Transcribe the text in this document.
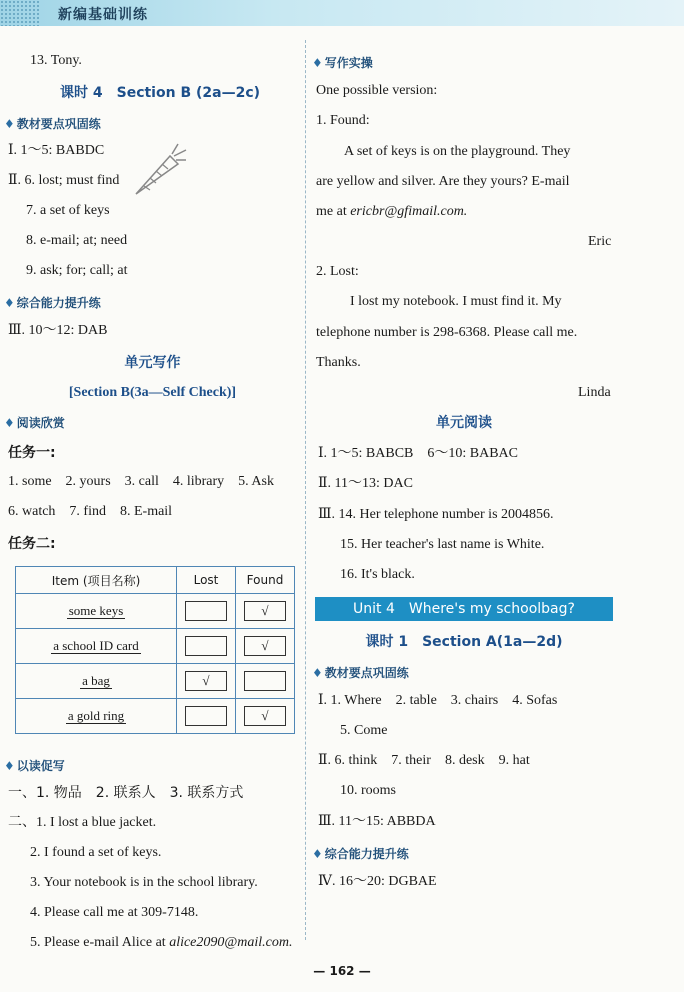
新编基础训练
13. Tony.
课时 4　Section B (2a—2c)
♦ 教材要点巩固练
Ⅰ. 1～5: BABDC
Ⅱ. 6. lost; must find
7. a set of keys
8. e-mail; at; need
9. ask; for; call; at
♦ 综合能力提升练
Ⅲ. 10～12: DAB
单元写作
[Section B(3a—Self Check)]
♦ 阅读欣赏
任务一:
1. some　2. yours　3. call　4. library　5. Ask
6. watch　7. find　8. E-mail
任务二:
Item (项目名称)	Lost	Found
some keys		√
a school ID card		√
a bag	√	
a gold ring		√
♦ 以读促写
一、1. 物品　2. 联系人　3. 联系方式
二、1. I lost a blue jacket.
2. I found a set of keys.
3. Your notebook is in the school library.
4. Please call me at 309-7148.
5. Please e-mail Alice at alice2090@mail.com.
♦ 写作实操
One possible version:
1. Found:
A set of keys is on the playground. They
are yellow and silver. Are they yours? E-mail
me at ericbr@gfimail.com.
Eric
2. Lost:
I lost my notebook. I must find it. My
telephone number is 298-6368. Please call me.
Thanks.
Linda
单元阅读
Ⅰ. 1～5: BABCB　6～10: BABAC
Ⅱ. 11～13: DAC
Ⅲ. 14. Her telephone number is 2004856.
15. Her teacher's last name is White.
16. It's black.
Unit 4　Where's my schoolbag?
课时 1　Section A(1a—2d)
♦ 教材要点巩固练
Ⅰ. 1. Where　2. table　3. chairs　4. Sofas
5. Come
Ⅱ. 6. think　7. their　8. desk　9. hat
10. rooms
Ⅲ. 11～15: ABBDA
♦ 综合能力提升练
Ⅳ. 16～20: DGBAE
— 162 —
